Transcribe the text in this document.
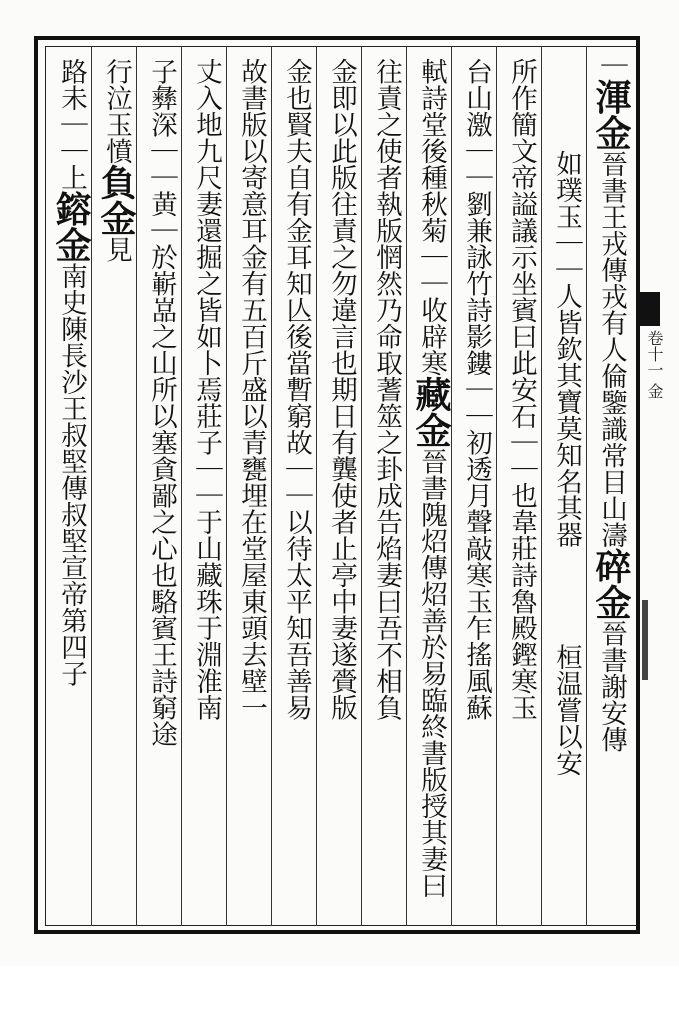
｜渾金晉書王戎傳戎有人倫鑒識常目山濤碎金晉書謝安傳
如璞玉｜｜人皆欽其寶莫知名其器桓温嘗以安
所作簡文帝謚議示坐賓曰此安石｜｜也韋莊詩魯殿鏗寒玉
台山激｜｜劉兼詠竹詩影鏤｜｜初透月聲敲寒玉乍搖風蘇
軾詩堂後種秋菊｜｜收辟寒藏金晉書隗炤傳炤善於易臨終書版授其妻曰
往責之使者執版惘然乃命取蓍筮之卦成告焰妻曰吾不相負
金即以此版往責之勿違言也期日有龔使者止亭中妻遂賫版
金也賢夫自有金耳知亾後當暫窮故｜｜以待太平知吾善易
故書版以寄意耳金有五百斤盛以青甕埋在堂屋東頭去壁一
丈入地九尺妻還掘之皆如卜焉莊子｜｜于山藏珠于淵淮南
子彝深｜｜黄｜於嶄嵓之山所以塞貪鄙之心也駱賓王詩窮途
行泣玉憤負金見
路未｜｜上鎔金南史陳長沙王叔堅傳叔堅宣帝第四子	卷十一 金
